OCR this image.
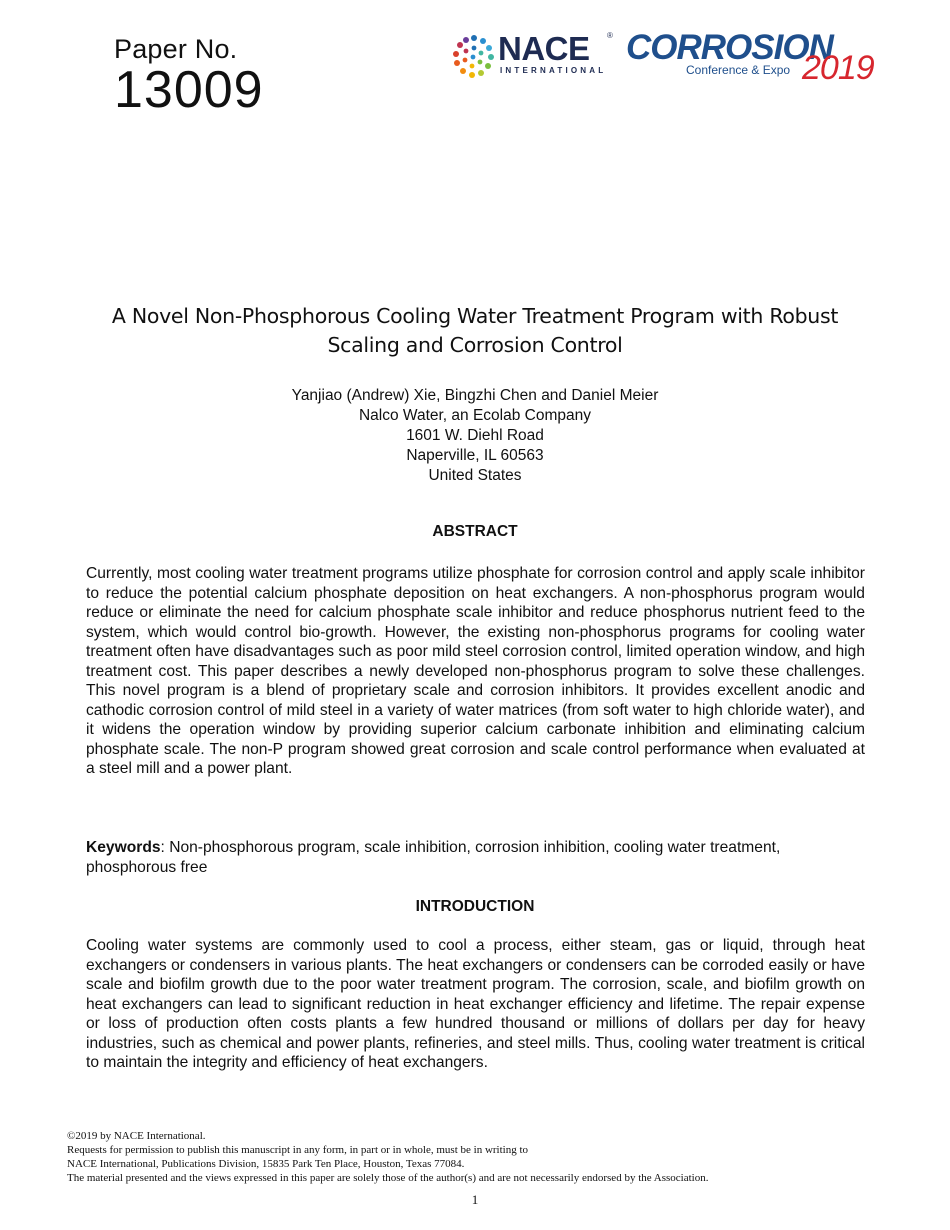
Paper No.
13009
NACE ®
INTERNATIONAL
CORROSION
Conference & Expo 2019
A Novel Non-Phosphorous Cooling Water Treatment Program with Robust Scaling and Corrosion Control
Yanjiao (Andrew) Xie, Bingzhi Chen and Daniel Meier
Nalco Water, an Ecolab Company
1601 W. Diehl Road
Naperville, IL 60563
United States
ABSTRACT
Currently, most cooling water treatment programs utilize phosphate for corrosion control and apply scale inhibitor to reduce the potential calcium phosphate deposition on heat exchangers. A non-phosphorus program would reduce or eliminate the need for calcium phosphate scale inhibitor and reduce phosphorus nutrient feed to the system, which would control bio-growth. However, the existing non-phosphorus programs for cooling water treatment often have disadvantages such as poor mild steel corrosion control, limited operation window, and high treatment cost. This paper describes a newly developed non-phosphorus program to solve these challenges. This novel program is a blend of proprietary scale and corrosion inhibitors. It provides excellent anodic and cathodic corrosion control of mild steel in a variety of water matrices (from soft water to high chloride water), and it widens the operation window by providing superior calcium carbonate inhibition and eliminating calcium phosphate scale. The non-P program showed great corrosion and scale control performance when evaluated at a steel mill and a power plant.
Keywords: Non-phosphorous program, scale inhibition, corrosion inhibition, cooling water treatment, phosphorous free
INTRODUCTION
Cooling water systems are commonly used to cool a process, either steam, gas or liquid, through heat exchangers or condensers in various plants. The heat exchangers or condensers can be corroded easily or have scale and biofilm growth due to the poor water treatment program. The corrosion, scale, and biofilm growth on heat exchangers can lead to significant reduction in heat exchanger efficiency and lifetime. The repair expense or loss of production often costs plants a few hundred thousand or millions of dollars per day for heavy industries, such as chemical and power plants, refineries, and steel mills. Thus, cooling water treatment is critical to maintain the integrity and efficiency of heat exchangers.
©2019 by NACE International.
Requests for permission to publish this manuscript in any form, in part or in whole, must be in writing to
NACE International, Publications Division, 15835 Park Ten Place, Houston, Texas 77084.
The material presented and the views expressed in this paper are solely those of the author(s) and are not necessarily endorsed by the Association.
1
